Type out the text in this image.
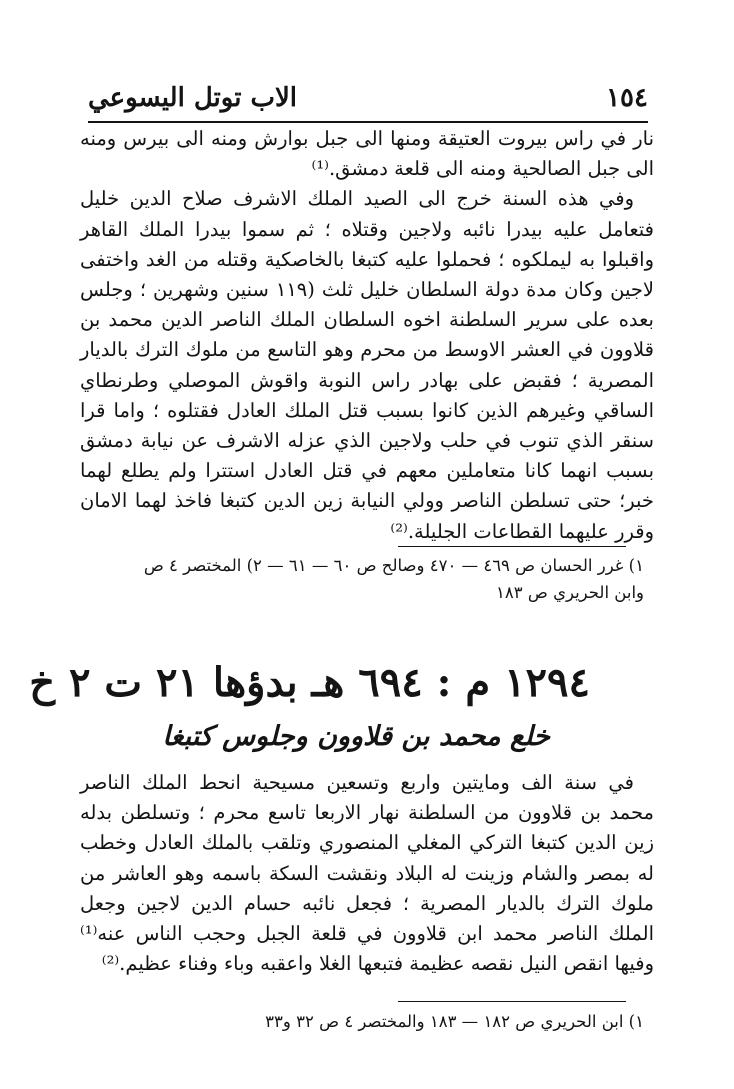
١٥٤
الاب توتل اليسوعي

نار في راس بيروت العتيقة ومنها الى جبل بوارش ومنه الى بيرس ومنه الى جبل الصالحية ومنه الى قلعة دمشق.⁽¹⁾

وفي هذه السنة خرج الى الصيد الملك الاشرف صلاح الدين خليل فتعامل عليه بيدرا نائبه ولاجين وقتلاه ؛ ثم سموا بيدرا الملك القاهر واقبلوا به ليملكوه ؛ فحملوا عليه كتبغا بالخاصكية وقتله من الغد واختفى لاجين وكان مدة دولة السلطان خليل ثلث (١١٩ سنين وشهرين ؛ وجلس بعده على سرير السلطنة اخوه السلطان الملك الناصر الدين محمد بن قلاوون في العشر الاوسط من محرم وهو التاسع من ملوك الترك بالديار المصرية ؛ فقبض على بهادر راس النوبة واقوش الموصلي وطرنطاي الساقي وغيرهم الذين كانوا بسبب قتل الملك العادل فقتلوه ؛ واما قرا سنقر الذي تنوب في حلب ولاجين الذي عزله الاشرف عن نيابة دمشق بسبب انهما كانا متعاملين معهم في قتل العادل استترا ولم يطلع لهما خبر؛ حتى تسلطن الناصر وولي النيابة زين الدين كتبغا فاخذ لهما الامان وقرر عليهما القطاعات الجليلة.⁽²⁾

١) غرر الحسان ص ٤٦٩ — ٤٧٠ وصالح ص ٦٠ — ٦١ — ٢) المختصر ٤ ص
وابن الحريري ص ١٨٣
١٢٩٤ م : ٦٩٤ هـ بدؤها ٢١ ت ٢ خ
خلع محمد بن قلاوون وجلوس كتبغا

في سنة الف ومايتين واربع وتسعين مسيحية انحط الملك الناصر محمد بن قلاوون من السلطنة نهار الاربعا تاسع محرم ؛ وتسلطن بدله زين الدين كتبغا التركي المغلي المنصوري وتلقب بالملك العادل وخطب له بمصر والشام وزينت له البلاد ونقشت السكة باسمه وهو العاشر من ملوك الترك بالديار المصرية ؛ فجعل نائبه حسام الدين لاجين وجعل الملك الناصر محمد ابن قلاوون في قلعة الجبل وحجب الناس عنه⁽¹⁾ وفيها انقص النيل نقصه عظيمة فتبعها الغلا واعقبه وباء وفناء عظيم.⁽²⁾

١) ابن الحريري ص ١٨٢ — ١٨٣ والمختصر ٤ ص ٣٢ و٣٣
